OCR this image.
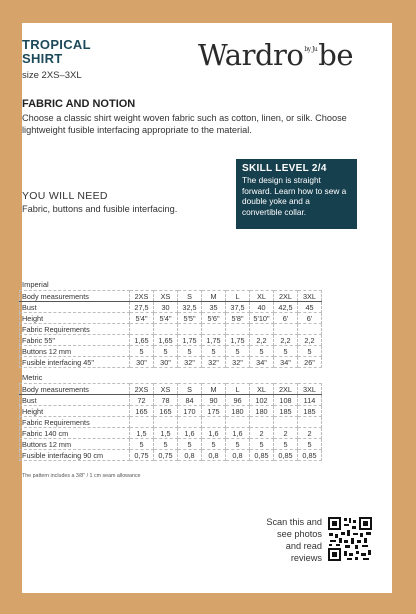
TROPICAL
SHIRT
size 2XS–3XL
Wardro$^{by Ju}$be
FABRIC AND NOTION
Choose a classic shirt weight woven fabric such as cotton, linen, or silk. Choose lightweight fusible interfacing appropriate to the material.
SKILL LEVEL 2/4
The design is straight forward. Learn how to sew a double yoke and a convertible collar.
YOU WILL NEED
Fabric, buttons and fusible interfacing.
Imperial
Body measurements	2XS	XS	S	M	L	XL	2XL	3XL
Bust	27,5	30	32,5	35	37,5	40	42,5	45
Height	5'4"	5'4"	5'5"	5'6"	5'8"	5'10"	6'	6'
Fabric Requirements								
Fabric 55"	1,65	1,65	1,75	1,75	1,75	2,2	2,2	2,2
Buttons 12 mm	5	5	5	5	5	5	5	5
Fusible interfacing 45"	30"	30"	32"	32"	32"	34"	34"	26"
Metric
Body measurements	2XS	XS	S	M	L	XL	2XL	3XL
Bust	72	78	84	90	96	102	108	114
Height	165	165	170	175	180	180	185	185
Fabric Requirements								
Fabric 140 cm	1,5	1,5	1,6	1,6	1,6	2	2	2
Buttons 12 mm	5	5	5	5	5	5	5	5
Fusible interfacing 90 cm	0,75	0,75	0,8	0,8	0,8	0,85	0,85	0,85
The pattern includes a 3/8" / 1 cm seam allowance
Scan this and
see photos
and read
reviews
